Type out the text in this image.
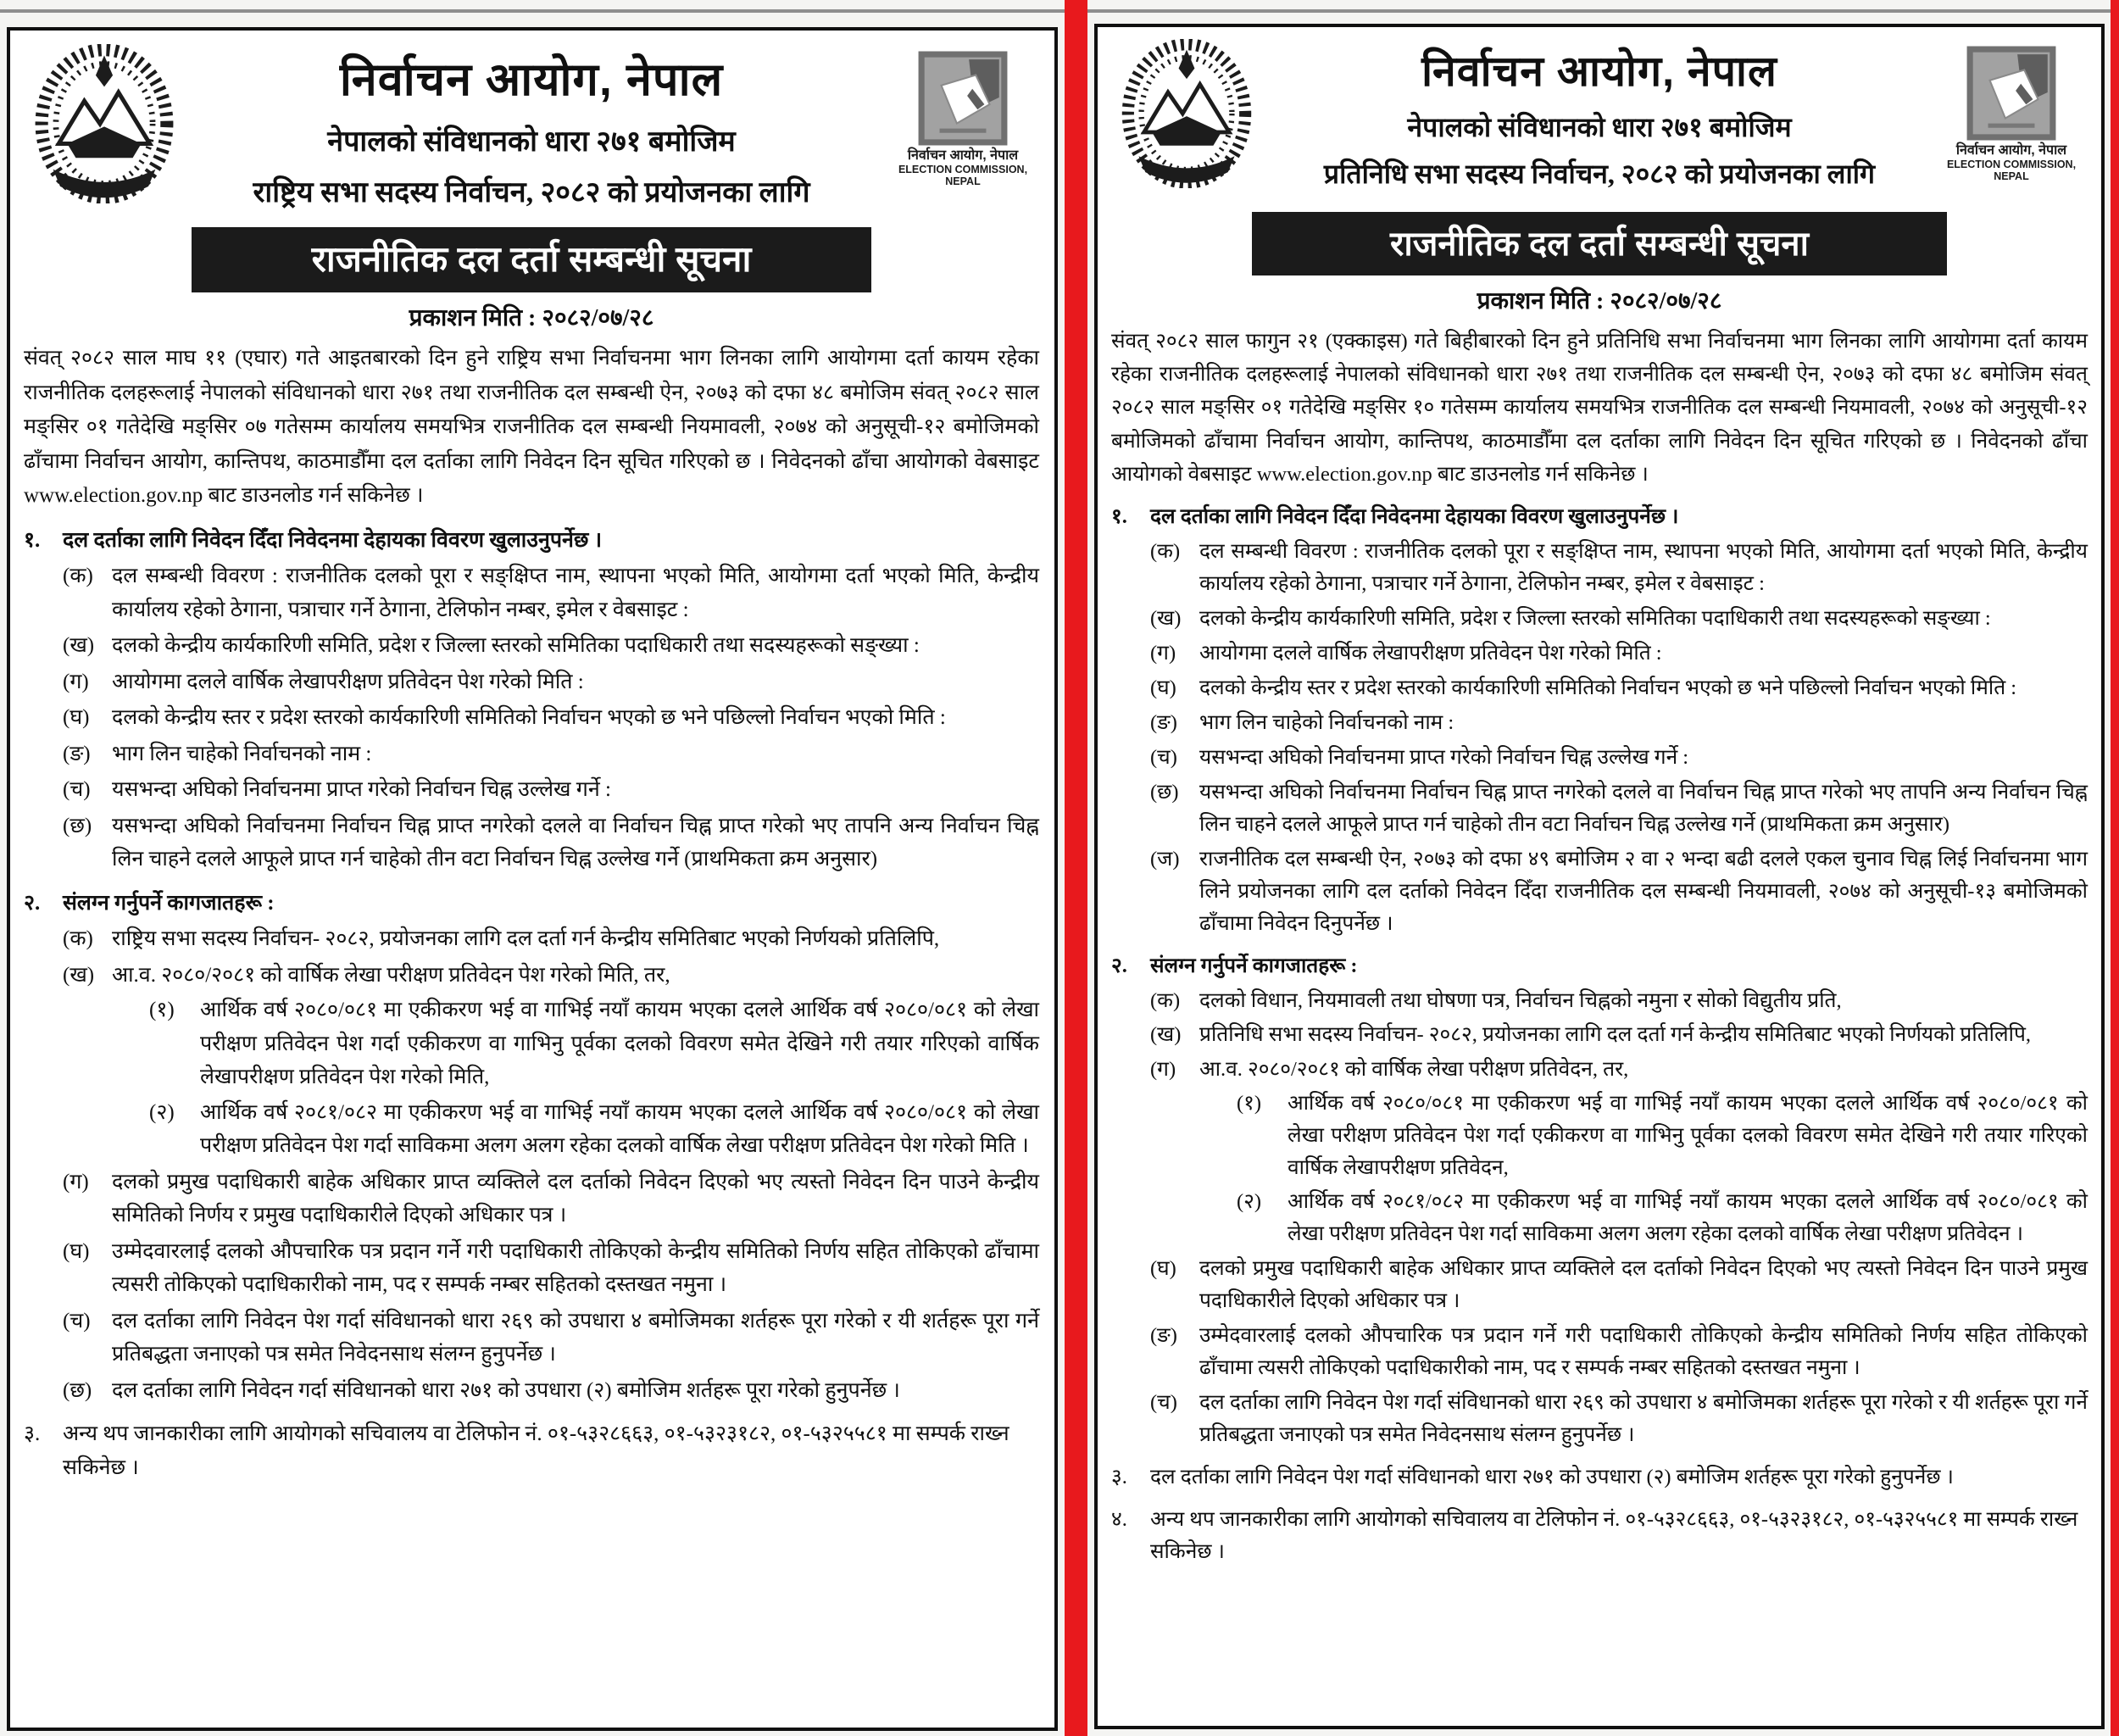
निर्वाचन आयोग, नेपाल
नेपालको संविधानको धारा २७१ बमोजिम
राष्ट्रिय सभा सदस्य निर्वाचन, २०८२ को प्रयोजनका लागि
निर्वाचन आयोग, नेपाल
ELECTION COMMISSION, NEPAL
राजनीतिक दल दर्ता सम्बन्धी सूचना
प्रकाशन मिति : २०८२/०७/२८

संवत् २०८२ साल माघ ११ (एघार) गते आइतबारको दिन हुने राष्ट्रिय सभा निर्वाचनमा भाग लिनका लागि आयोगमा दर्ता कायम रहेका राजनीतिक दलहरूलाई नेपालको संविधानको धारा २७१ तथा राजनीतिक दल सम्बन्धी ऐन, २०७३ को दफा ४८ बमोजिम संवत् २०८२ साल मङ्सिर ०१ गतेदेखि मङ्सिर ०७ गतेसम्म कार्यालय समयभित्र राजनीतिक दल सम्बन्धी नियमावली, २०७४ को अनुसूची-१२ बमोजिमको ढाँचामा निर्वाचन आयोग, कान्तिपथ, काठमाडौँमा दल दर्ताका लागि निवेदन दिन सूचित गरिएको छ । निवेदनको ढाँचा आयोगको वेबसाइट www.election.gov.np बाट डाउनलोड गर्न सकिनेछ ।

१.	दल दर्ताका लागि निवेदन दिँदा निवेदनमा देहायका विवरण खुलाउनुपर्नेछ ।
(क) दल सम्बन्धी विवरण : राजनीतिक दलको पूरा र सङ्क्षिप्त नाम, स्थापना भएको मिति, आयोगमा दर्ता भएको मिति, केन्द्रीय कार्यालय रहेको ठेगाना, पत्राचार गर्ने ठेगाना, टेलिफोन नम्बर, इमेल र वेबसाइट :
(ख) दलको केन्द्रीय कार्यकारिणी समिति, प्रदेश र जिल्ला स्तरको समितिका पदाधिकारी तथा सदस्यहरूको सङ्ख्या :
(ग)	आयोगमा दलले वार्षिक लेखापरीक्षण प्रतिवेदन पेश गरेको मिति :
(घ)	दलको केन्द्रीय स्तर र प्रदेश स्तरको कार्यकारिणी समितिको निर्वाचन भएको छ भने पछिल्लो निर्वाचन भएको मिति :
(ङ)	भाग लिन चाहेको निर्वाचनको नाम :
(च)	यसभन्दा अघिको निर्वाचनमा प्राप्त गरेको निर्वाचन चिह्न उल्लेख गर्ने :
(छ) यसभन्दा अघिको निर्वाचनमा निर्वाचन चिह्न प्राप्त नगरेको दलले वा निर्वाचन चिह्न प्राप्त गरेको भए तापनि अन्य निर्वाचन चिह्न लिन चाहने दलले आफूले प्राप्त गर्न चाहेको तीन वटा निर्वाचन चिह्न उल्लेख गर्ने (प्राथमिकता क्रम अनुसार)
२.	संलग्न गर्नुपर्ने कागजातहरू :
(क) राष्ट्रिय सभा सदस्य निर्वाचन- २०८२, प्रयोजनका लागि दल दर्ता गर्न केन्द्रीय समितिबाट भएको निर्णयको प्रतिलिपि,
(ख) आ.व. २०८०/२०८१ को वार्षिक लेखा परीक्षण प्रतिवेदन पेश गरेको मिति, तर,
(१)	आर्थिक वर्ष २०८०/०८१ मा एकीकरण भई वा गाभिई नयाँ कायम भएका दलले आर्थिक वर्ष २०८०/०८१ को लेखा परीक्षण प्रतिवेदन पेश गर्दा एकीकरण वा गाभिनु पूर्वका दलको विवरण समेत देखिने गरी तयार गरिएको वार्षिक लेखापरीक्षण प्रतिवेदन पेश गरेको मिति,
(२)	आर्थिक वर्ष २०८१/०८२ मा एकीकरण भई वा गाभिई नयाँ कायम भएका दलले आर्थिक वर्ष २०८०/०८१ को लेखा परीक्षण प्रतिवेदन पेश गर्दा साविकमा अलग अलग रहेका दलको वार्षिक लेखा परीक्षण प्रतिवेदन पेश गरेको मिति ।
(ग)	दलको प्रमुख पदाधिकारी बाहेक अधिकार प्राप्त व्यक्तिले दल दर्ताको निवेदन दिएको भए त्यस्तो निवेदन दिन पाउने केन्द्रीय समितिको निर्णय र प्रमुख पदाधिकारीले दिएको अधिकार पत्र ।
(घ)	उम्मेदवारलाई दलको औपचारिक पत्र प्रदान गर्ने गरी पदाधिकारी तोकिएको केन्द्रीय समितिको निर्णय सहित तोकिएको ढाँचामा त्यसरी तोकिएको पदाधिकारीको नाम, पद र सम्पर्क नम्बर सहितको दस्तखत नमुना ।
(च)	दल दर्ताका लागि निवेदन पेश गर्दा संविधानको धारा २६९ को उपधारा ४ बमोजिमका शर्तहरू पूरा गरेको र यी शर्तहरू पूरा गर्ने प्रतिबद्धता जनाएको पत्र समेत निवेदनसाथ संलग्न हुनुपर्नेछ ।
(छ) दल दर्ताका लागि निवेदन गर्दा संविधानको धारा २७१ को उपधारा (२) बमोजिम शर्तहरू पूरा गरेको हुनुपर्नेछ ।
३.	अन्य थप जानकारीका लागि आयोगको सचिवालय वा टेलिफोन नं. ०१-५३२८६६३, ०१-५३२३१८२, ०१-५३२५५८१ मा सम्पर्क राख्न सकिनेछ ।
निर्वाचन आयोग, नेपाल
नेपालको संविधानको धारा २७१ बमोजिम
प्रतिनिधि सभा सदस्य निर्वाचन, २०८२ को प्रयोजनका लागि
निर्वाचन आयोग, नेपाल
ELECTION COMMISSION, NEPAL
राजनीतिक दल दर्ता सम्बन्धी सूचना
प्रकाशन मिति : २०८२/०७/२८

संवत् २०८२ साल फागुन २१ (एक्काइस) गते बिहीबारको दिन हुने प्रतिनिधि सभा निर्वाचनमा भाग लिनका लागि आयोगमा दर्ता कायम रहेका राजनीतिक दलहरूलाई नेपालको संविधानको धारा २७१ तथा राजनीतिक दल सम्बन्धी ऐन, २०७३ को दफा ४८ बमोजिम संवत् २०८२ साल मङ्सिर ०१ गतेदेखि मङ्सिर १० गतेसम्म कार्यालय समयभित्र राजनीतिक दल सम्बन्धी नियमावली, २०७४ को अनुसूची-१२ बमोजिमको ढाँचामा निर्वाचन आयोग, कान्तिपथ, काठमाडौँमा दल दर्ताका लागि निवेदन दिन सूचित गरिएको छ । निवेदनको ढाँचा आयोगको वेबसाइट www.election.gov.np बाट डाउनलोड गर्न सकिनेछ ।

१.	दल दर्ताका लागि निवेदन दिँदा निवेदनमा देहायका विवरण खुलाउनुपर्नेछ ।
(क) दल सम्बन्धी विवरण : राजनीतिक दलको पूरा र सङ्क्षिप्त नाम, स्थापना भएको मिति, आयोगमा दर्ता भएको मिति, केन्द्रीय कार्यालय रहेको ठेगाना, पत्राचार गर्ने ठेगाना, टेलिफोन नम्बर, इमेल र वेबसाइट :
(ख) दलको केन्द्रीय कार्यकारिणी समिति, प्रदेश र जिल्ला स्तरको समितिका पदाधिकारी तथा सदस्यहरूको सङ्ख्या :
(ग)	आयोगमा दलले वार्षिक लेखापरीक्षण प्रतिवेदन पेश गरेको मिति :
(घ)	दलको केन्द्रीय स्तर र प्रदेश स्तरको कार्यकारिणी समितिको निर्वाचन भएको छ भने पछिल्लो निर्वाचन भएको मिति :
(ङ)	भाग लिन चाहेको निर्वाचनको नाम :
(च)	यसभन्दा अघिको निर्वाचनमा प्राप्त गरेको निर्वाचन चिह्न उल्लेख गर्ने :
(छ)	यसभन्दा अघिको निर्वाचनमा निर्वाचन चिह्न प्राप्त नगरेको दलले वा निर्वाचन चिह्न प्राप्त गरेको भए तापनि अन्य निर्वाचन चिह्न लिन चाहने दलले आफूले प्राप्त गर्न चाहेको तीन वटा निर्वाचन चिह्न उल्लेख गर्ने (प्राथमिकता क्रम अनुसार)
(ज) राजनीतिक दल सम्बन्धी ऐन, २०७३ को दफा ४९ बमोजिम २ वा २ भन्दा बढी दलले एकल चुनाव चिह्न लिई निर्वाचनमा भाग लिने प्रयोजनका लागि दल दर्ताको निवेदन दिँदा राजनीतिक दल सम्बन्धी नियमावली, २०७४ को अनुसूची-१३ बमोजिमको ढाँचामा निवेदन दिनुपर्नेछ ।
२.	संलग्न गर्नुपर्ने कागजातहरू :
(क) दलको विधान, नियमावली तथा घोषणा पत्र, निर्वाचन चिह्नको नमुना र सोको विद्युतीय प्रति,
(ख) प्रतिनिधि सभा सदस्य निर्वाचन- २०८२, प्रयोजनका लागि दल दर्ता गर्न केन्द्रीय समितिबाट भएको निर्णयको प्रतिलिपि,
(ग)	आ.व. २०८०/२०८१ को वार्षिक लेखा परीक्षण प्रतिवेदन, तर,
(१)	आर्थिक वर्ष २०८०/०८१ मा एकीकरण भई वा गाभिई नयाँ कायम भएका दलले आर्थिक वर्ष २०८०/०८१ को लेखा परीक्षण प्रतिवेदन पेश गर्दा एकीकरण वा गाभिनु पूर्वका दलको विवरण समेत देखिने गरी तयार गरिएको वार्षिक लेखापरीक्षण प्रतिवेदन,
(२)	आर्थिक वर्ष २०८१/०८२ मा एकीकरण भई वा गाभिई नयाँ कायम भएका दलले आर्थिक वर्ष २०८०/०८१ को लेखा परीक्षण प्रतिवेदन पेश गर्दा साविकमा अलग अलग रहेका दलको वार्षिक लेखा परीक्षण प्रतिवेदन ।
(घ)	दलको प्रमुख पदाधिकारी बाहेक अधिकार प्राप्त व्यक्तिले दल दर्ताको निवेदन दिएको भए त्यस्तो निवेदन दिन पाउने प्रमुख पदाधिकारीले दिएको अधिकार पत्र ।
(ङ)	उम्मेदवारलाई दलको औपचारिक पत्र प्रदान गर्ने गरी पदाधिकारी तोकिएको केन्द्रीय समितिको निर्णय सहित तोकिएको ढाँचामा त्यसरी तोकिएको पदाधिकारीको नाम, पद र सम्पर्क नम्बर सहितको दस्तखत नमुना ।
(च)	दल दर्ताका लागि निवेदन पेश गर्दा संविधानको धारा २६९ को उपधारा ४ बमोजिमका शर्तहरू पूरा गरेको र यी शर्तहरू पूरा गर्ने प्रतिबद्धता जनाएको पत्र समेत निवेदनसाथ संलग्न हुनुपर्नेछ ।
३.	दल दर्ताका लागि निवेदन पेश गर्दा संविधानको धारा २७१ को उपधारा (२) बमोजिम शर्तहरू पूरा गरेको हुनुपर्नेछ ।
४.	अन्य थप जानकारीका लागि आयोगको सचिवालय वा टेलिफोन नं. ०१-५३२८६६३, ०१-५३२३१८२, ०१-५३२५५८१ मा सम्पर्क राख्न सकिनेछ ।
